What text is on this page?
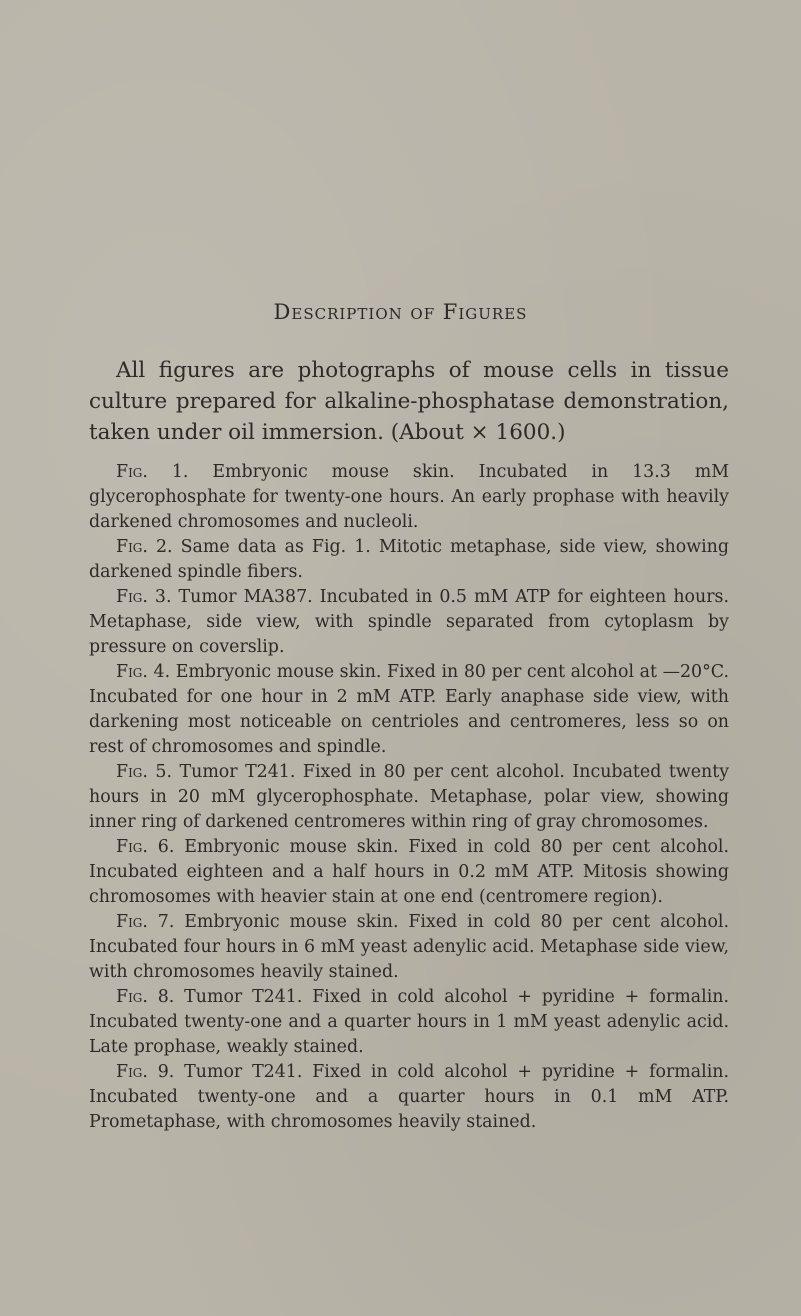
Description of Figures

All figures are photographs of mouse cells in tissue culture prepared for alkaline-phosphatase demonstration, taken under oil immersion. (About × 1600.)

Fig. 1. Embryonic mouse skin. Incubated in 13.3 mM glycerophosphate for twenty-one hours. An early prophase with heavily darkened chromosomes and nucleoli.

Fig. 2. Same data as Fig. 1. Mitotic metaphase, side view, showing darkened spindle fibers.

Fig. 3. Tumor MA387. Incubated in 0.5 mM ATP for eighteen hours. Metaphase, side view, with spindle separated from cytoplasm by pressure on coverslip.

Fig. 4. Embryonic mouse skin. Fixed in 80 per cent alcohol at —20°C. Incubated for one hour in 2 mM ATP. Early anaphase side view, with darkening most noticeable on centrioles and centromeres, less so on rest of chromosomes and spindle.

Fig. 5. Tumor T241. Fixed in 80 per cent alcohol. Incubated twenty hours in 20 mM glycerophosphate. Metaphase, polar view, showing inner ring of darkened centromeres within ring of gray chromosomes.

Fig. 6. Embryonic mouse skin. Fixed in cold 80 per cent alcohol. Incubated eighteen and a half hours in 0.2 mM ATP. Mitosis showing chromosomes with heavier stain at one end (centromere region).

Fig. 7. Embryonic mouse skin. Fixed in cold 80 per cent alcohol. Incubated four hours in 6 mM yeast adenylic acid. Metaphase side view, with chromosomes heavily stained.

Fig. 8. Tumor T241. Fixed in cold alcohol + pyridine + formalin. Incubated twenty-one and a quarter hours in 1 mM yeast adenylic acid. Late prophase, weakly stained.

Fig. 9. Tumor T241. Fixed in cold alcohol + pyridine + formalin. Incubated twenty-one and a quarter hours in 0.1 mM ATP. Prometaphase, with chromosomes heavily stained.
